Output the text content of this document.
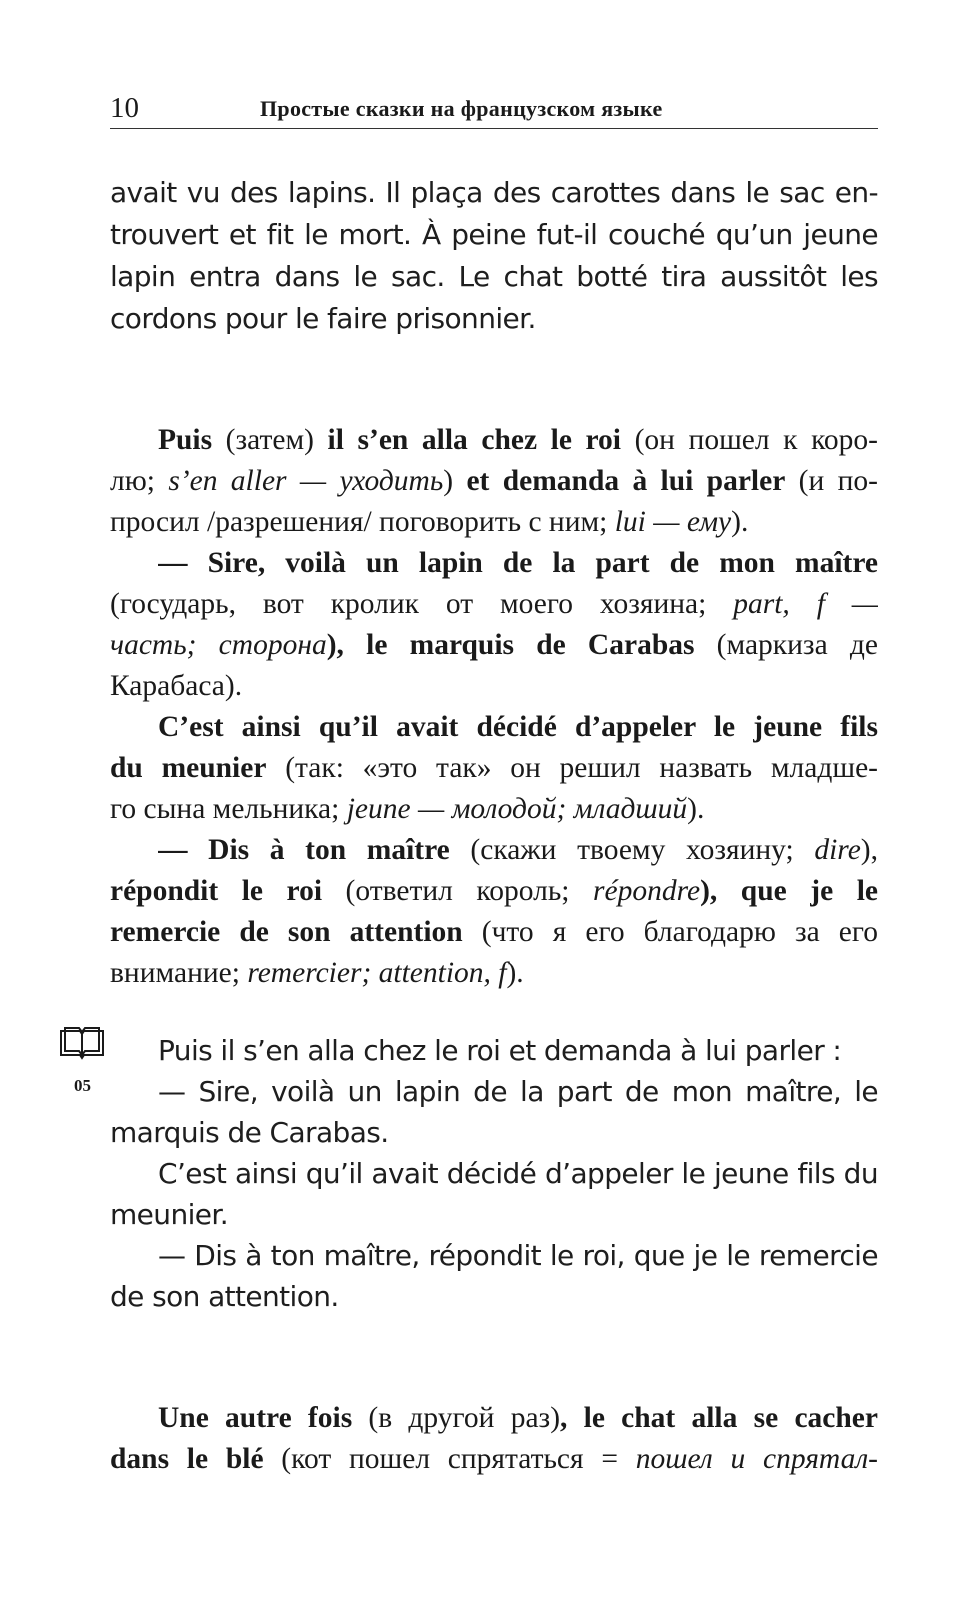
10	Простые сказки на французском языке
avait vu des lapins. Il plaça des carottes dans le sac en-
trouvert et fit le mort. À peine fut-il couché qu’un jeune
lapin entra dans le sac. Le chat botté tira aussitôt les
cordons pour le faire prisonnier.
Puis (затем) il s’en alla chez le roi (он пошел к коро-
лю; s’en aller — уходить) et demanda à lui parler (и по-
просил /разрешения/ поговорить с ним; lui — ему).
— Sire, voilà un lapin de la part de mon maître
(государь, вот кролик от моего хозяина; part, f —
часть; сторона), le marquis de Carabas (маркиза де
Карабаса).
C’est ainsi qu’il avait décidé d’appeler le jeune fils
du meunier (так: «это так» он решил назвать младше-
го сына мельника; jeune — молодой; младший).
— Dis à ton maître (скажи твоему хозяину; dire),
répondit le roi (ответил король; répondre), que je le
remercie de son attention (что я его благодарю за его
внимание; remercier; attention, f).
05
Puis il s’en alla chez le roi et demanda à lui parler :
— Sire, voilà un lapin de la part de mon maître, le
marquis de Carabas.
C’est ainsi qu’il avait décidé d’appeler le jeune fils du
meunier.
— Dis à ton maître, répondit le roi, que je le remercie
de son attention.
Une autre fois (в другой раз), le chat alla se cacher
dans le blé (кот пошел спрятаться = пошел и спрятал-
